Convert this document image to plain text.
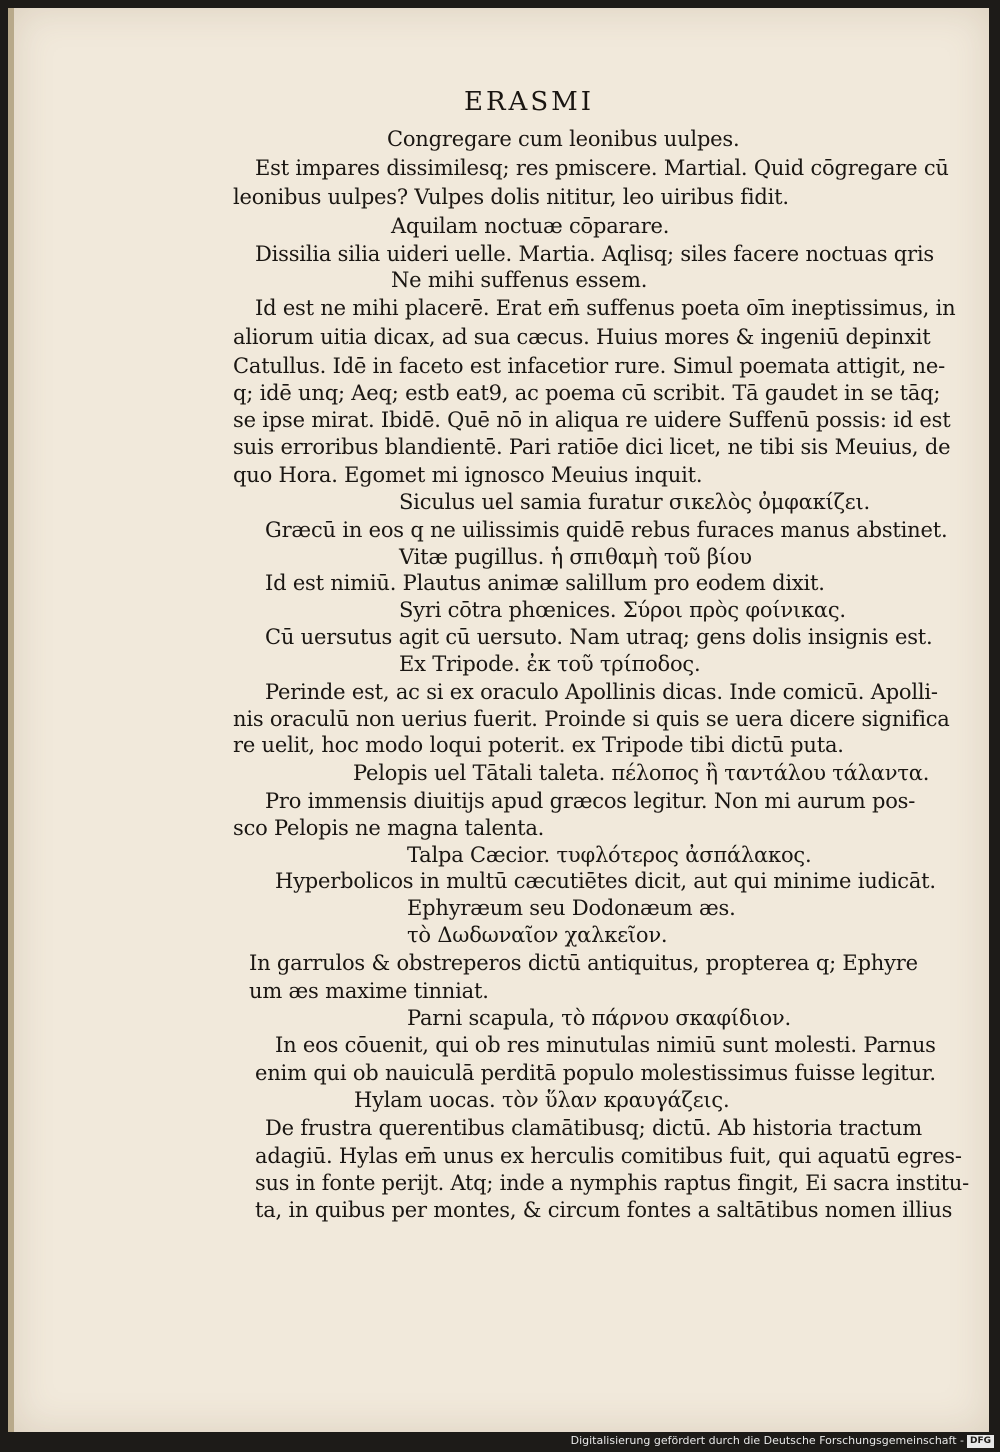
ERASMI
Congregare cum leonibus uulpes.
Est impares dissimilesq; res pmiscere. Martial. Quid cōgregare cū
leonibus uulpes? Vulpes dolis nititur, leo uiribus fidit.
Aquilam noctuæ cōparare.
Dissilia silia uideri uelle. Martia. Aqlisq; siles facere noctuas qris
Ne mihi suffenus essem.
Id est ne mihi placerē. Erat em̄ suffenus poeta oīm ineptissimus, in
aliorum uitia dicax, ad sua cæcus. Huius mores & ingeniū depinxit
Catullus. Idē in faceto est infacetior rure. Simul poemata attigit, ne-
q; idē unq; Aeq; estb eat9, ac poema cū scribit. Tā gaudet in se tāq;
se ipse mirat. Ibidē. Quē nō in aliqua re uidere Suffenū possis: id est
suis erroribus blandientē. Pari ratiōe dici licet, ne tibi sis Meuius, de
quo Hora. Egomet mi ignosco Meuius inquit.
Siculus uel samia furatur σικελὸς ὀμφακίζει.
Græcū in eos q ne uilissimis quidē rebus furaces manus abstinet.
Vitæ pugillus. ἡ σπιθαμὴ τοῦ βίου
Id est nimiū. Plautus animæ salillum pro eodem dixit.
Syri cōtra phœnices. Σύροι πρὸς φοίνικας.
Cū uersutus agit cū uersuto. Nam utraq; gens dolis insignis est.
Ex Tripode. ἐκ τοῦ τρίποδος.
Perinde est, ac si ex oraculo Apollinis dicas. Inde comicū. Apolli-
nis oraculū non uerius fuerit. Proinde si quis se uera dicere significa
re uelit, hoc modo loqui poterit. ex Tripode tibi dictū puta.
Pelopis uel Tātali taleta. πέλοπος ἢ ταντάλου τάλαντα.
Pro immensis diuitijs apud græcos legitur. Non mi aurum pos-
sco Pelopis ne magna talenta.
Talpa Cæcior. τυφλότερος ἀσπάλακος.
Hyperbolicos in multū cæcutiētes dicit, aut qui minime iudicāt.
Ephyræum seu Dodonæum æs.
τὸ Δωδωναῖον χαλκεῖον.
In garrulos & obstreperos dictū antiquitus, propterea q; Ephyre
um æs maxime tinniat.
Parni scapula, τὸ πάρνου σκαφίδιον.
In eos cōuenit, qui ob res minutulas nimiū sunt molesti. Parnus
enim qui ob nauiculā perditā populo molestissimus fuisse legitur.
Hylam uocas. τὸν ὕλαν κραυγάζεις.
De frustra querentibus clamātibusq; dictū. Ab historia tractum
adagiū. Hylas em̄ unus ex herculis comitibus fuit, qui aquatū egres-
sus in fonte perijt. Atq; inde a nymphis raptus fingit, Ei sacra institu-
ta, in quibus per montes, & circum fontes a saltātibus nomen illius
Digitalisierung gefördert durch die Deutsche Forschungsgemeinschaft - DFG
